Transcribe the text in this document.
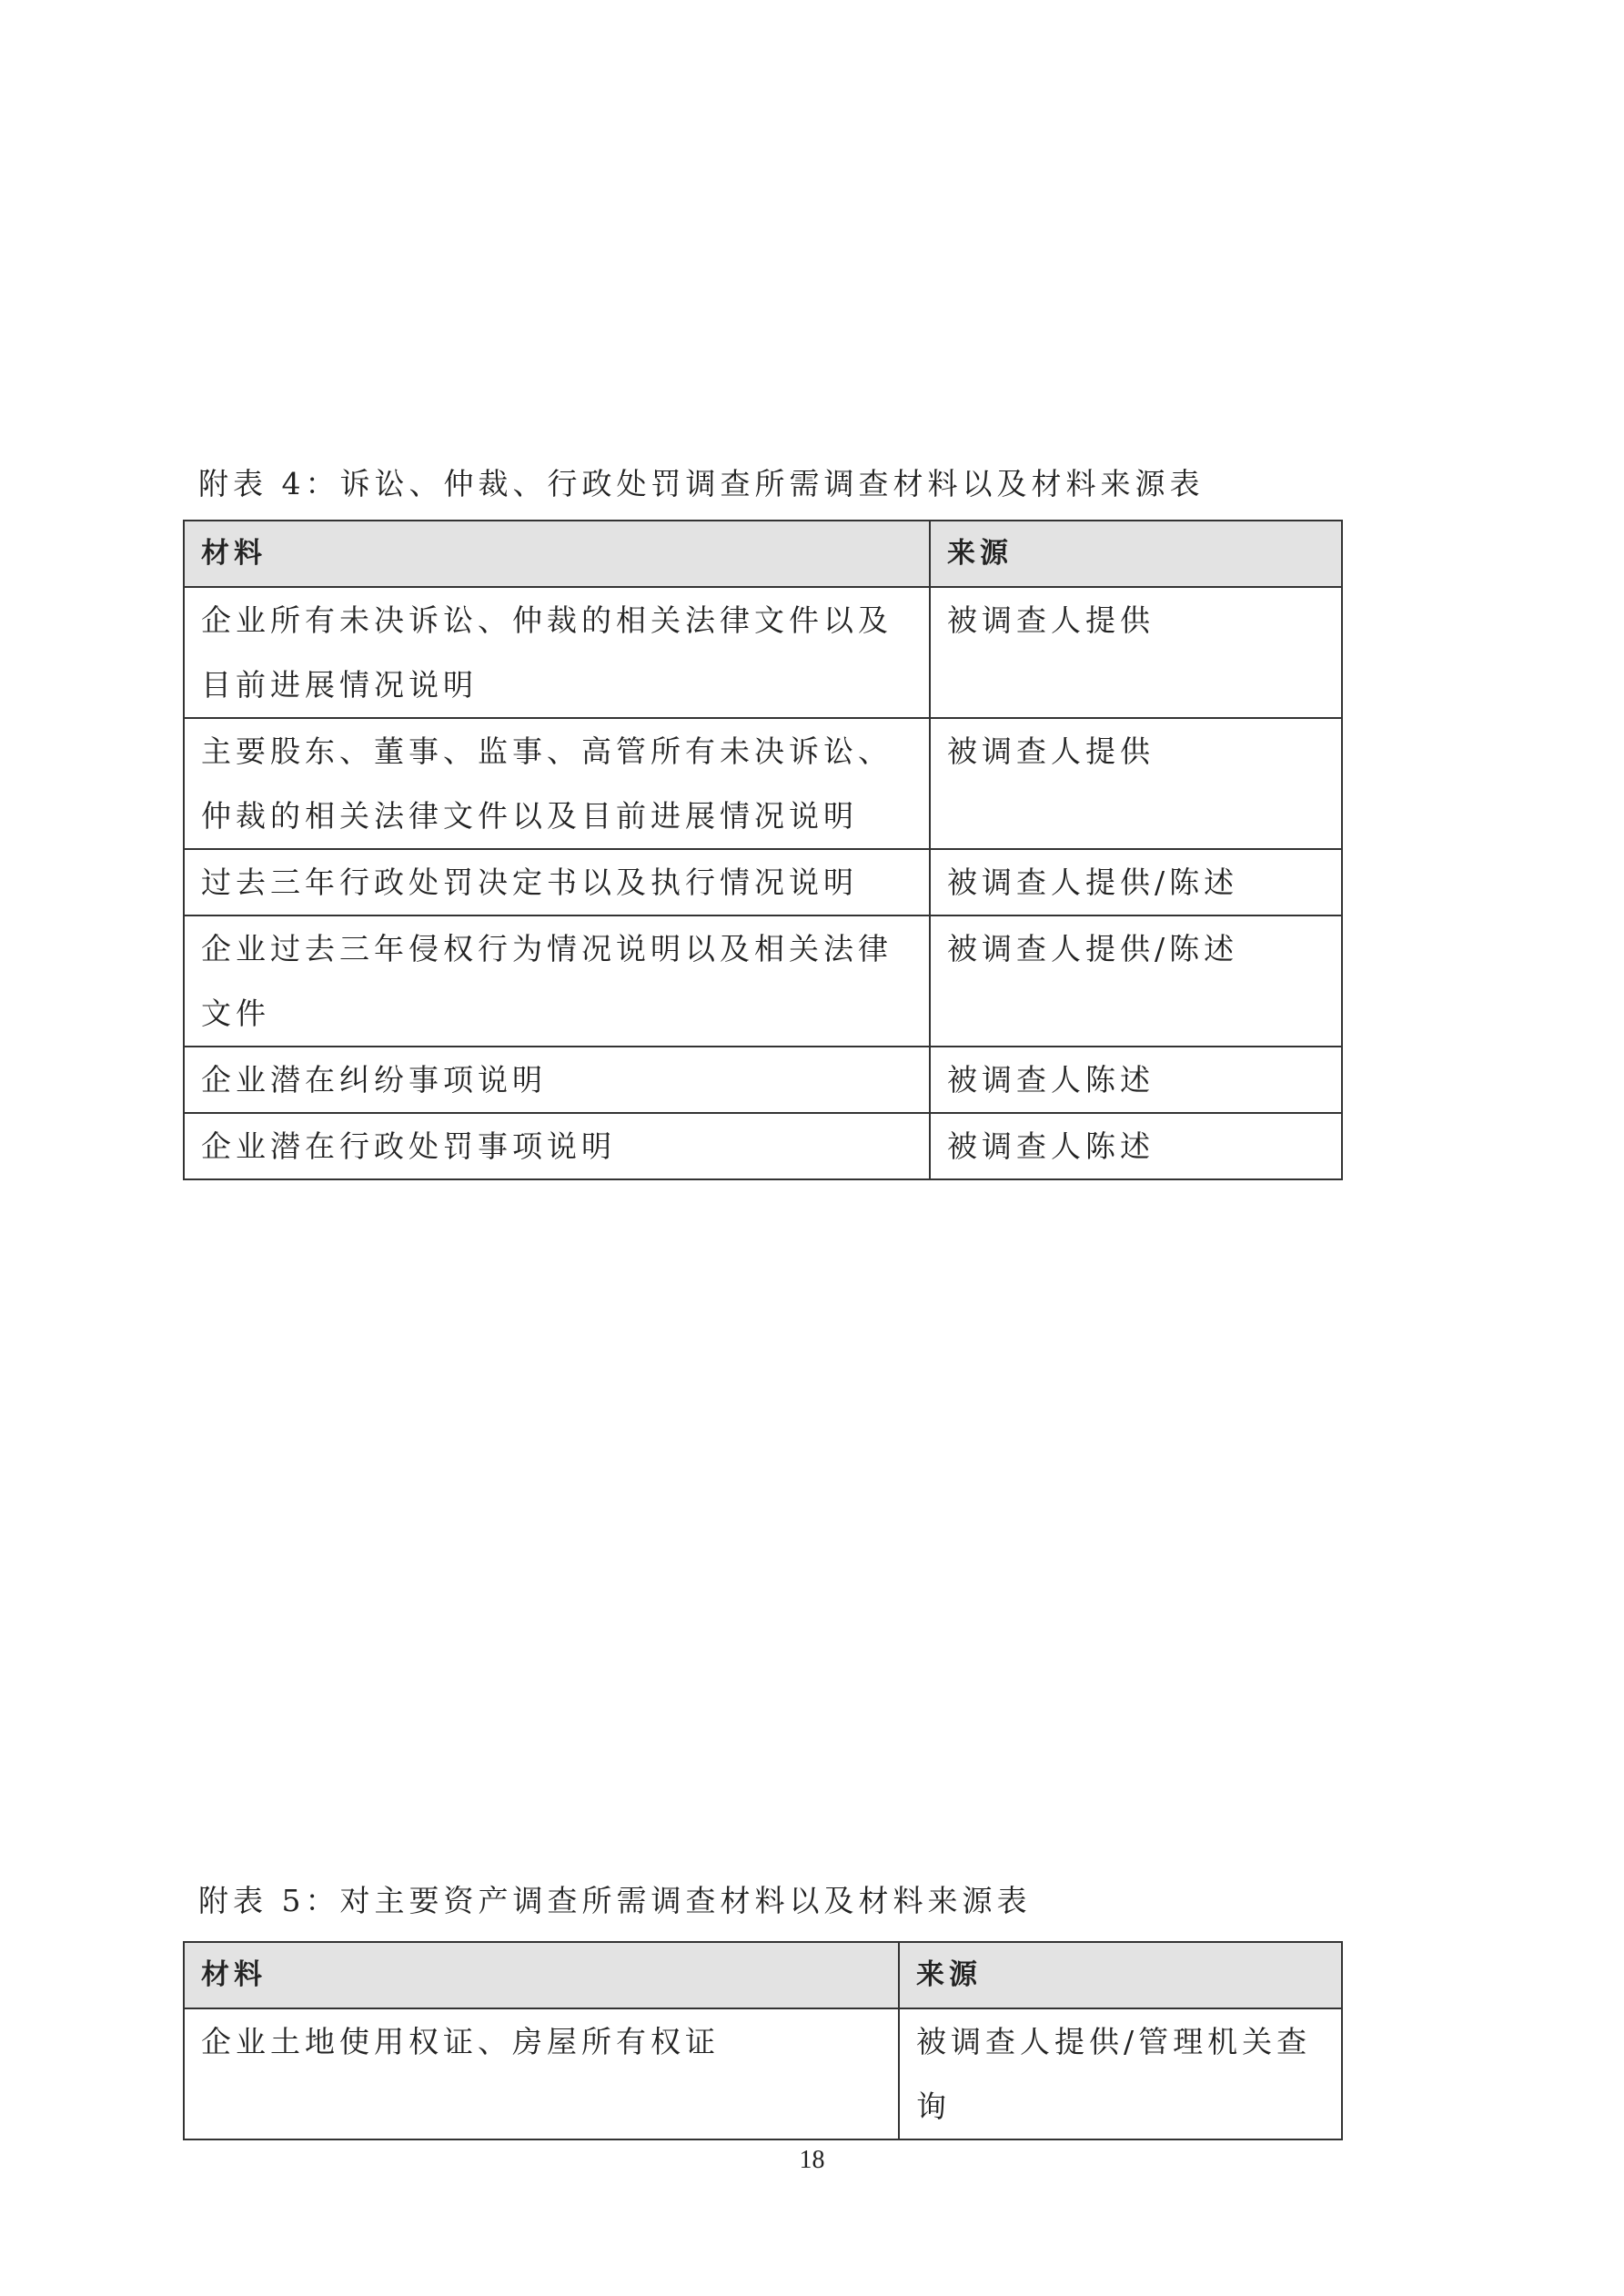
附表 4：诉讼、仲裁、行政处罚调查所需调查材料以及材料来源表

材料	来源
企业所有未决诉讼、仲裁的相关法律文件以及目前进展情况说明	被调查人提供
主要股东、董事、监事、高管所有未决诉讼、仲裁的相关法律文件以及目前进展情况说明	被调查人提供
过去三年行政处罚决定书以及执行情况说明	被调查人提供/陈述
企业过去三年侵权行为情况说明以及相关法律文件	被调查人提供/陈述
企业潜在纠纷事项说明	被调查人陈述
企业潜在行政处罚事项说明	被调查人陈述

附表 5：对主要资产调查所需调查材料以及材料来源表

材料	来源
企业土地使用权证、房屋所有权证	被调查人提供/管理机关查询

18
